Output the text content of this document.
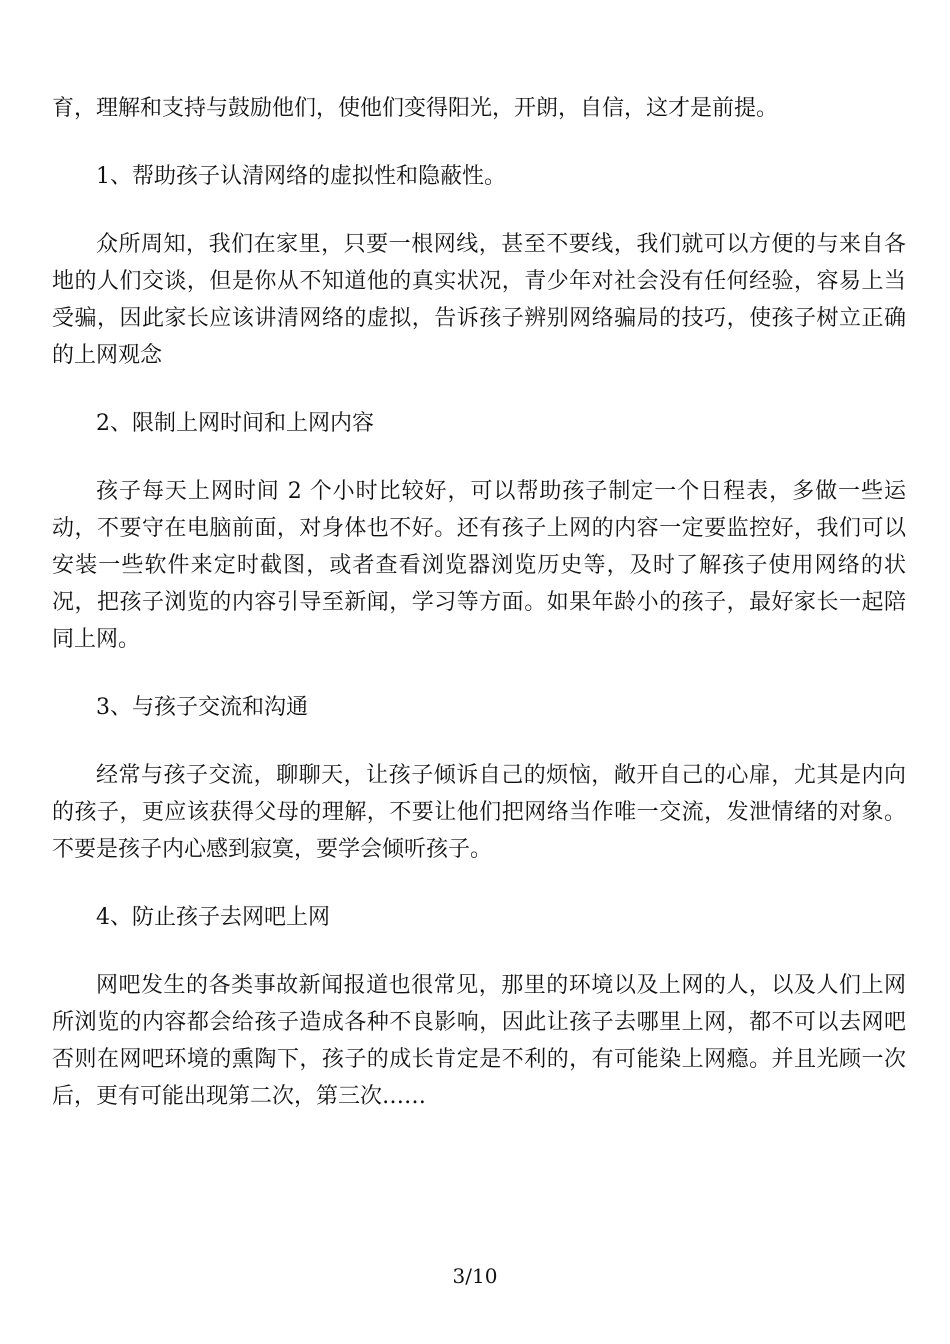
育，理解和支持与鼓励他们，使他们变得阳光，开朗，自信，这才是前提。

1、帮助孩子认清网络的虚拟性和隐蔽性。

众所周知，我们在家里，只要一根网线，甚至不要线，我们就可以方便的与来自各地的人们交谈，但是你从不知道他的真实状况，青少年对社会没有任何经验，容易上当受骗，因此家长应该讲清网络的虚拟，告诉孩子辨别网络骗局的技巧，使孩子树立正确的上网观念

2、限制上网时间和上网内容

孩子每天上网时间 2 个小时比较好，可以帮助孩子制定一个日程表，多做一些运动，不要守在电脑前面，对身体也不好。还有孩子上网的内容一定要监控好，我们可以安装一些软件来定时截图，或者查看浏览器浏览历史等，及时了解孩子使用网络的状况，把孩子浏览的内容引导至新闻，学习等方面。如果年龄小的孩子，最好家长一起陪同上网。

3、与孩子交流和沟通

经常与孩子交流，聊聊天，让孩子倾诉自己的烦恼，敞开自己的心扉，尤其是内向的孩子，更应该获得父母的理解，不要让他们把网络当作唯一交流，发泄情绪的对象。不要是孩子内心感到寂寞，要学会倾听孩子。

4、防止孩子去网吧上网

网吧发生的各类事故新闻报道也很常见，那里的环境以及上网的人，以及人们上网所浏览的内容都会给孩子造成各种不良影响，因此让孩子去哪里上网，都不可以去网吧否则在网吧环境的熏陶下，孩子的成长肯定是不利的，有可能染上网瘾。并且光顾一次后，更有可能出现第二次，第三次……

3/10
